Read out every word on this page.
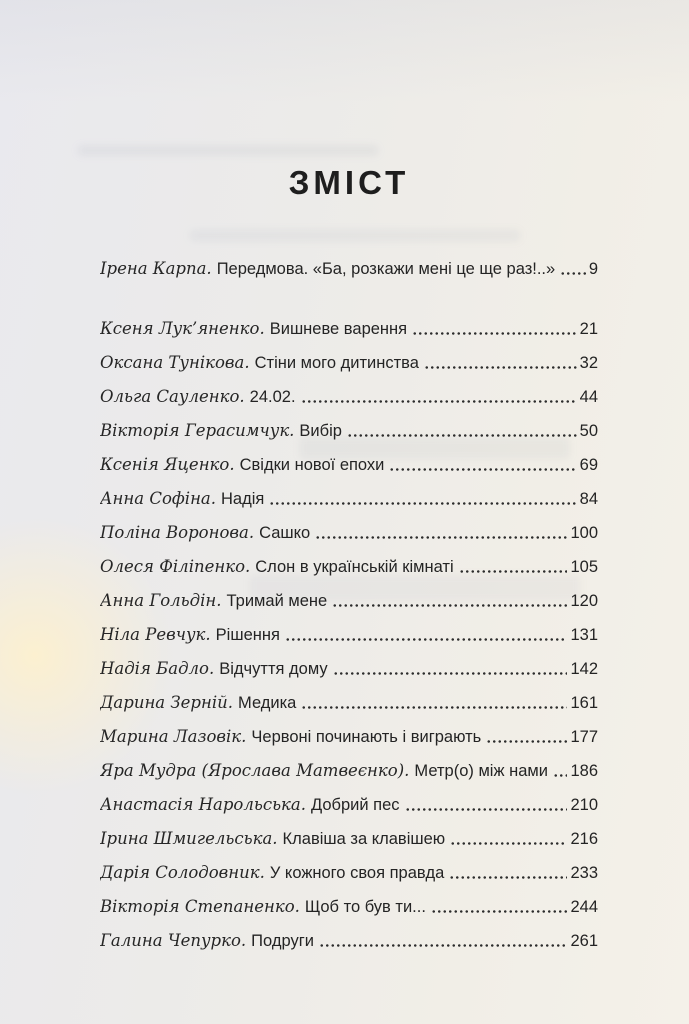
ЗМІСТ
Ірена Карпа. Передмова. «Ба, розкажи мені це ще раз!..» 9
Ксеня Лук’яненко. Вишневе варення	21
Оксана Тунікова. Стіни мого дитинства	32
Ольга Сауленко. 24.02.	44
Вікторія Герасимчук. Вибір	50
Ксенія Яценко. Свідки нової епохи	69
Анна Софіна. Надія	84
Поліна Воронова. Сашко	100
Олеся Філіпенко. Слон в українській кімнаті	105
Анна Гольдін. Тримай мене	120
Ніла Ревчук. Рішення	131
Надія Бадло. Відчуття дому	142
Дарина Зерній. Медика	161
Марина Лазовік. Червоні починають і виграють	177
Яра Мудра (Ярослава Матвеєнко). Метр(о) між нами 186
Анастасія Нарольська. Добрий пес	210
Ірина Шмигельська. Клавіша за клавішею	216
Дарія Солодовник. У кожного своя правда	233
Вікторія Степаненко. Щоб то був ти...	244
Галина Чепурко. Подруги	261
